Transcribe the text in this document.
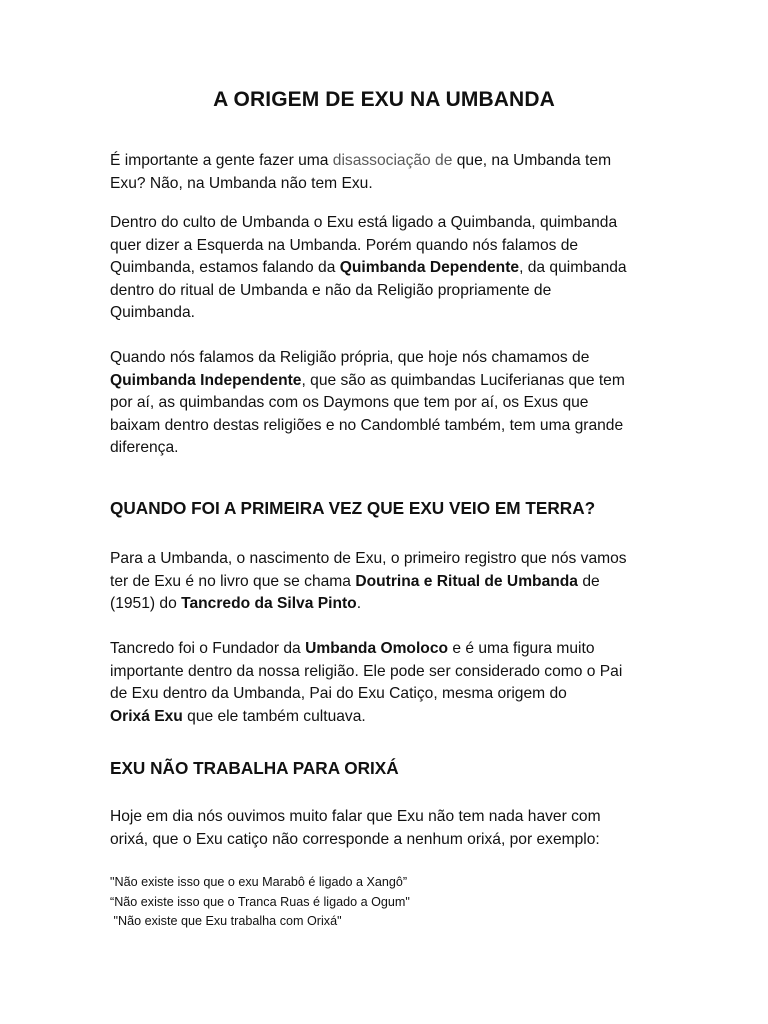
A ORIGEM DE EXU NA UMBANDA

É importante a gente fazer uma disassociação de que, na Umbanda tem
Exu? Não, na Umbanda não tem Exu.

Dentro do culto de Umbanda o Exu está ligado a Quimbanda, quimbanda
quer dizer a Esquerda na Umbanda. Porém quando nós falamos de
Quimbanda, estamos falando da Quimbanda Dependente, da quimbanda
dentro do ritual de Umbanda e não da Religião propriamente de
Quimbanda.

Quando nós falamos da Religião própria, que hoje nós chamamos de
Quimbanda Independente, que são as quimbandas Luciferianas que tem
por aí, as quimbandas com os Daymons que tem por aí, os Exus que
baixam dentro destas religiões e no Candomblé também, tem uma grande
diferença.

QUANDO FOI A PRIMEIRA VEZ QUE EXU VEIO EM TERRA?

Para a Umbanda, o nascimento de Exu, o primeiro registro que nós vamos
ter de Exu é no livro que se chama Doutrina e Ritual de Umbanda de
(1951) do Tancredo da Silva Pinto.

Tancredo foi o Fundador da Umbanda Omoloco e é uma figura muito
importante dentro da nossa religião. Ele pode ser considerado como o Pai
de Exu dentro da Umbanda, Pai do Exu Catiço, mesma origem do
Orixá Exu que ele também cultuava.

EXU NÃO TRABALHA PARA ORIXÁ

Hoje em dia nós ouvimos muito falar que Exu não tem nada haver com
orixá, que o Exu catiço não corresponde a nenhum orixá, por exemplo:

"Não existe isso que o exu Marabô é ligado a Xangô”
“Não existe isso que o Tranca Ruas é ligado a Ogum"
"Não existe que Exu trabalha com Orixá"
